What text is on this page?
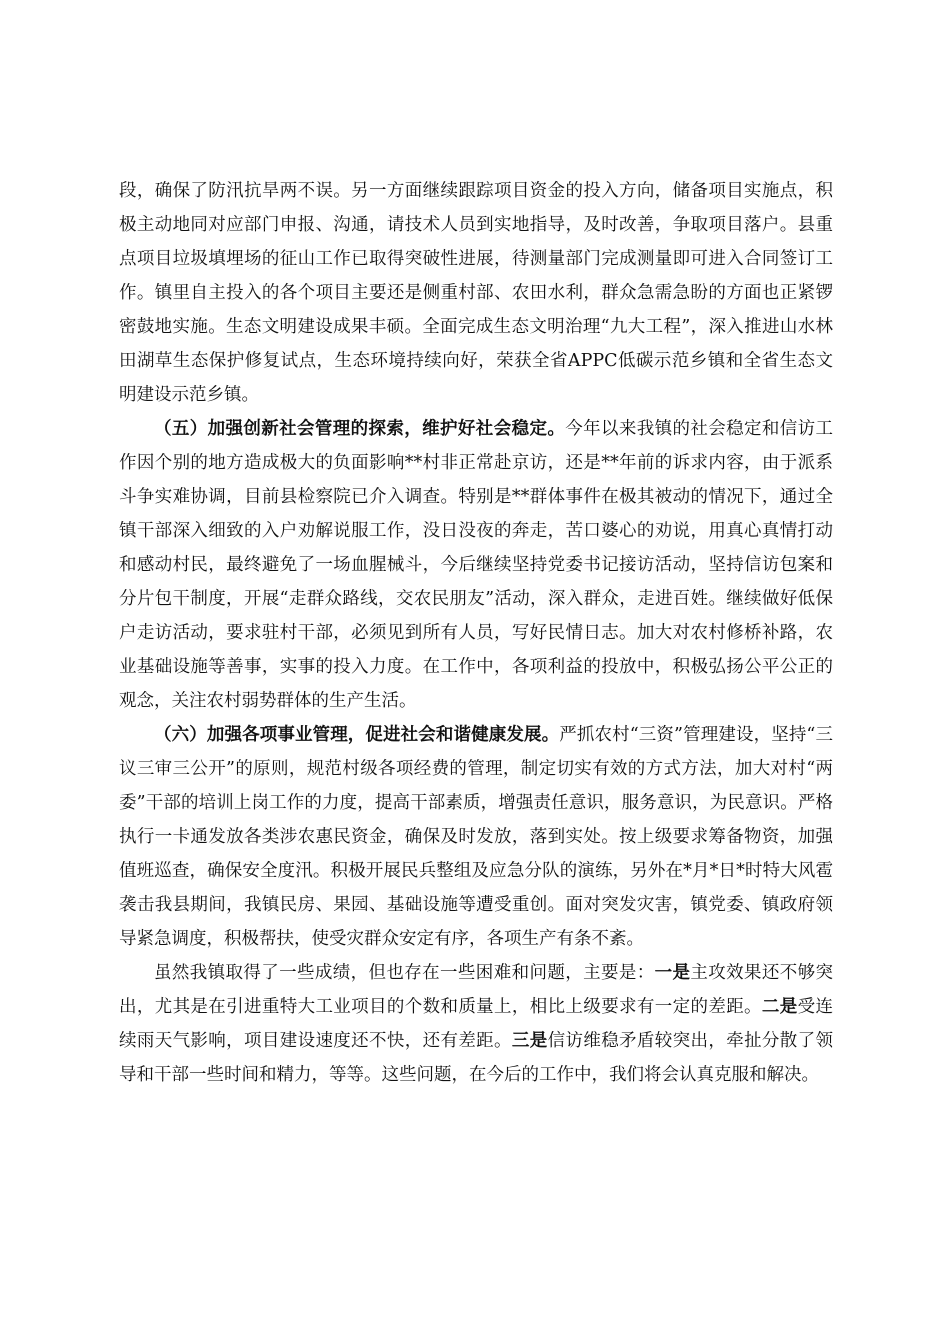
段，确保了防汛抗旱两不误。另一方面继续跟踪项目资金的投入方向，储备项目实施点，积极主动地同对应部门申报、沟通，请技术人员到实地指导，及时改善，争取项目落户。县重点项目垃圾填埋场的征山工作已取得突破性进展，待测量部门完成测量即可进入合同签订工作。镇里自主投入的各个项目主要还是侧重村部、农田水利，群众急需急盼的方面也正紧锣密鼓地实施。生态文明建设成果丰硕。全面完成生态文明治理“九大工程”，深入推进山水林田湖草生态保护修复试点，生态环境持续向好，荣获全省APPC低碳示范乡镇和全省生态文明建设示范乡镇。

（五）加强创新社会管理的探索，维护好社会稳定。今年以来我镇的社会稳定和信访工作因个别的地方造成极大的负面影响**村非正常赴京访，还是**年前的诉求内容，由于派系斗争实难协调，目前县检察院已介入调查。特别是**群体事件在极其被动的情况下，通过全镇干部深入细致的入户劝解说服工作，没日没夜的奔走，苦口婆心的劝说，用真心真情打动和感动村民，最终避免了一场血腥械斗，今后继续坚持党委书记接访活动，坚持信访包案和分片包干制度，开展“走群众路线，交农民朋友”活动，深入群众，走进百姓。继续做好低保户走访活动，要求驻村干部，必须见到所有人员，写好民情日志。加大对农村修桥补路，农业基础设施等善事，实事的投入力度。在工作中，各项利益的投放中，积极弘扬公平公正的观念，关注农村弱势群体的生产生活。

（六）加强各项事业管理，促进社会和谐健康发展。严抓农村“三资”管理建设，坚持“三议三审三公开”的原则，规范村级各项经费的管理，制定切实有效的方式方法，加大对村“两委”干部的培训上岗工作的力度，提高干部素质，增强责任意识，服务意识，为民意识。严格执行一卡通发放各类涉农惠民资金，确保及时发放，落到实处。按上级要求筹备物资，加强值班巡查，确保安全度汛。积极开展民兵整组及应急分队的演练，另外在*月*日*时特大风雹袭击我县期间，我镇民房、果园、基础设施等遭受重创。面对突发灾害，镇党委、镇政府领导紧急调度，积极帮扶，使受灾群众安定有序，各项生产有条不紊。

虽然我镇取得了一些成绩，但也存在一些困难和问题，主要是：一是主攻效果还不够突出，尤其是在引进重特大工业项目的个数和质量上，相比上级要求有一定的差距。二是受连续雨天气影响，项目建设速度还不快，还有差距。三是信访维稳矛盾较突出，牵扯分散了领导和干部一些时间和精力，等等。这些问题，在今后的工作中，我们将会认真克服和解决。
